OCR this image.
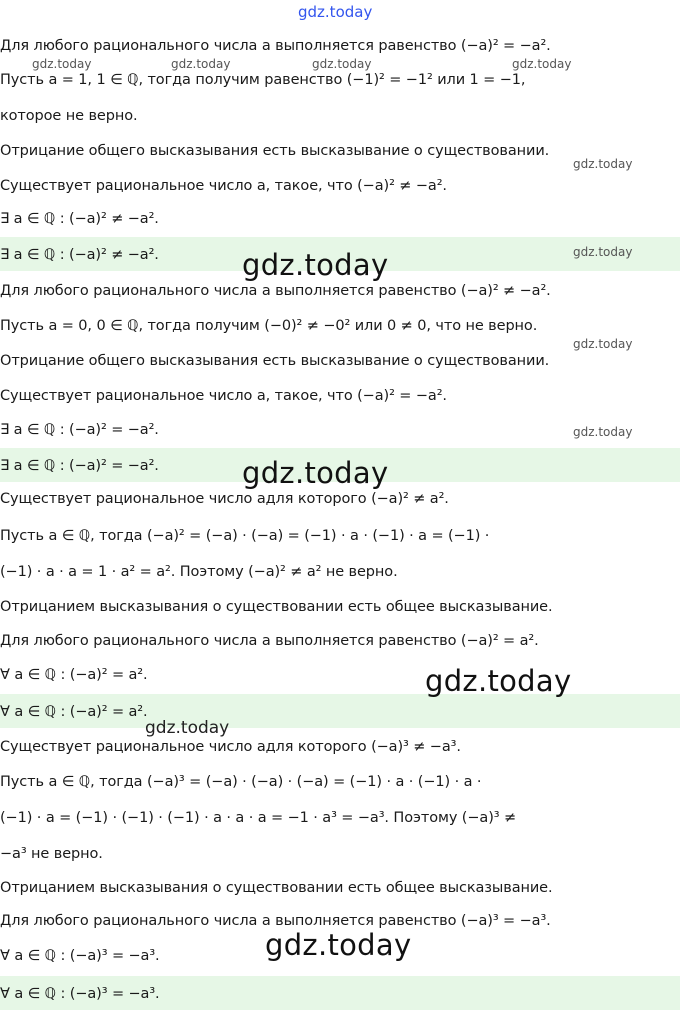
Для любого рационального числа a выполняется равенство (−a)² = −a².
Пусть a = 1, 1 ∈ ℚ, тогда получим равенство (−1)² = −1² или 1 = −1,
которое не верно.
Отрицание общего высказывания есть высказывание о существовании.
Существует рациональное число a, такое, что (−a)² ≠ −a².
∃ a ∈ ℚ : (−a)² ≠ −a².
∃ a ∈ ℚ : (−a)² ≠ −a².
Для любого рационального числа a выполняется равенство (−a)² ≠ −a².
Пусть a = 0, 0 ∈ ℚ, тогда получим (−0)² ≠ −0² или 0 ≠ 0, что не верно.
Отрицание общего высказывания есть высказывание о существовании.
Существует рациональное число a, такое, что (−a)² = −a².
∃ a ∈ ℚ : (−a)² = −a².
∃ a ∈ ℚ : (−a)² = −a².
Существует рациональное число aдля которого (−a)² ≠ a².
Пусть a ∈ ℚ, тогда (−a)² = (−a) · (−a) = (−1) · a · (−1) · a = (−1) ·
(−1) · a · a = 1 · a² = a². Поэтому (−a)² ≠ a² не верно.
Отрицанием высказывания о существовании есть общее высказывание.
Для любого рационального числа a выполняется равенство (−a)² = a².
∀ a ∈ ℚ : (−a)² = a².
∀ a ∈ ℚ : (−a)² = a².
Существует рациональное число aдля которого (−a)³ ≠ −a³.
Пусть a ∈ ℚ, тогда (−a)³ = (−a) · (−a) · (−a) = (−1) · a · (−1) · a ·
(−1) · a = (−1) · (−1) · (−1) · a · a · a = −1 · a³ = −a³. Поэтому (−a)³ ≠
−a³ не верно.
Отрицанием высказывания о существовании есть общее высказывание.
Для любого рационального числа a выполняется равенство (−a)³ = −a³.
∀ a ∈ ℚ : (−a)³ = −a³.
∀ a ∈ ℚ : (−a)³ = −a³.
gdz.today
gdz.today	gdz.today	gdz.today	gdz.today
gdz.today
gdz.today
gdz.today
gdz.today
gdz.today
gdz.today
gdz.today
gdz.today
gdz.today
